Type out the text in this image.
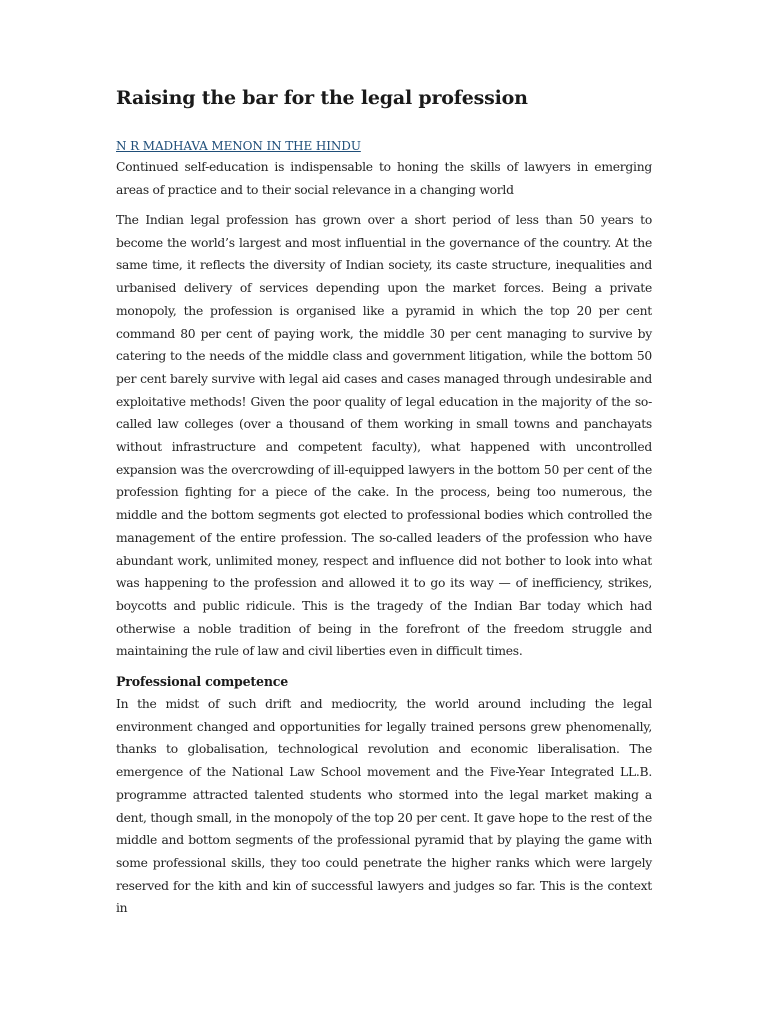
Raising the bar for the legal profession
N R MADHAVA MENON IN THE HINDU

Continued self-education is indispensable to honing the skills of lawyers in emerging areas of practice and to their social relevance in a changing world

The Indian legal profession has grown over a short period of less than 50 years to become the world’s largest and most influential in the governance of the country. At the same time, it reflects the diversity of Indian society, its caste structure, inequalities and urbanised delivery of services depending upon the market forces. Being a private monopoly, the profession is organised like a pyramid in which the top 20 per cent command 80 per cent of paying work, the middle 30 per cent managing to survive by catering to the needs of the middle class and government litigation, while the bottom 50 per cent barely survive with legal aid cases and cases managed through undesirable and exploitative methods! Given the poor quality of legal education in the majority of the so-called law colleges (over a thousand of them working in small towns and panchayats without infrastructure and competent faculty), what happened with uncontrolled expansion was the overcrowding of ill-equipped lawyers in the bottom 50 per cent of the profession fighting for a piece of the cake. In the process, being too numerous, the middle and the bottom segments got elected to professional bodies which controlled the management of the entire profession. The so-called leaders of the profession who have abundant work, unlimited money, respect and influence did not bother to look into what was happening to the profession and allowed it to go its way — of inefficiency, strikes, boycotts and public ridicule. This is the tragedy of the Indian Bar today which had otherwise a noble tradition of being in the forefront of the freedom struggle and maintaining the rule of law and civil liberties even in difficult times.

Professional competence

In the midst of such drift and mediocrity, the world around including the legal environment changed and opportunities for legally trained persons grew phenomenally, thanks to globalisation, technological revolution and economic liberalisation. The emergence of the National Law School movement and the Five-Year Integrated LL.B. programme attracted talented students who stormed into the legal market making a dent, though small, in the monopoly of the top 20 per cent. It gave hope to the rest of the middle and bottom segments of the professional pyramid that by playing the game with some professional skills, they too could penetrate the higher ranks which were largely reserved for the kith and kin of successful lawyers and judges so far. This is the context in
